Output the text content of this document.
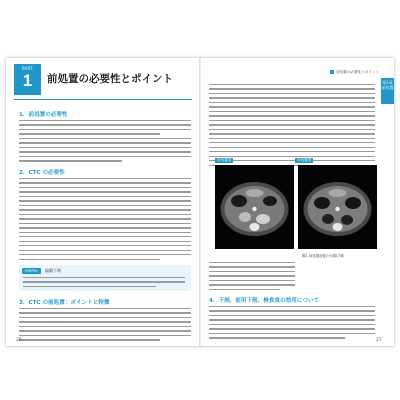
PART
1	前処置の必要性とポイント
1．前処置の必要性
2．CTC の必要性
memo	偏腸下剤
3．CTC の前処置：ポイントと特徴
26
前処置の必要性とポイント
第1章 前処置
前処置前	前処置後
図1 前処置前後の大腸CT像
4．下剤、前用下剤、検査食の効用について
27
